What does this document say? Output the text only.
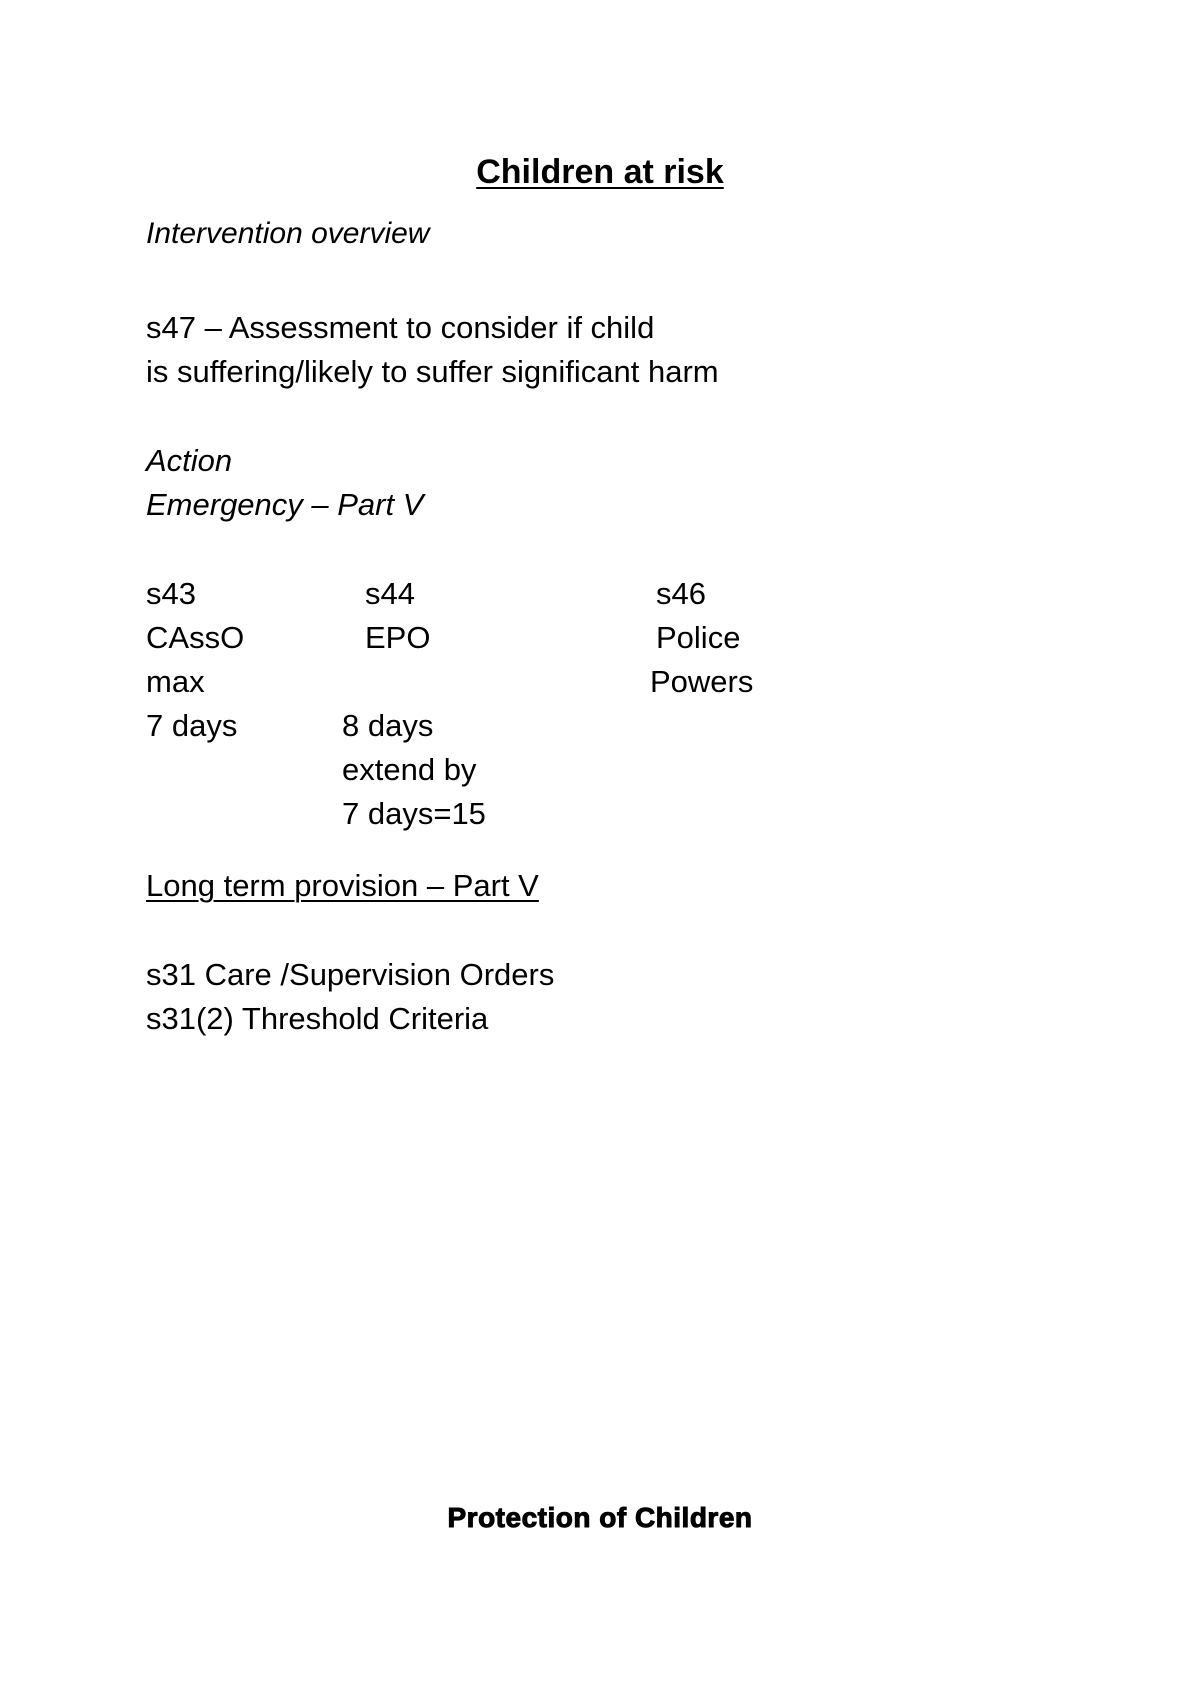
Children at risk
Intervention overview
s47 – Assessment to consider if child
is suffering/likely to suffer significant harm
Action
Emergency – Part V
s43
CAssO
max
7 days
s44
EPO
8 days
extend by
7 days=15
s46
Police
Powers
Long term provision – Part V
s31 Care /Supervision Orders
s31(2) Threshold Criteria
Protection of Children
